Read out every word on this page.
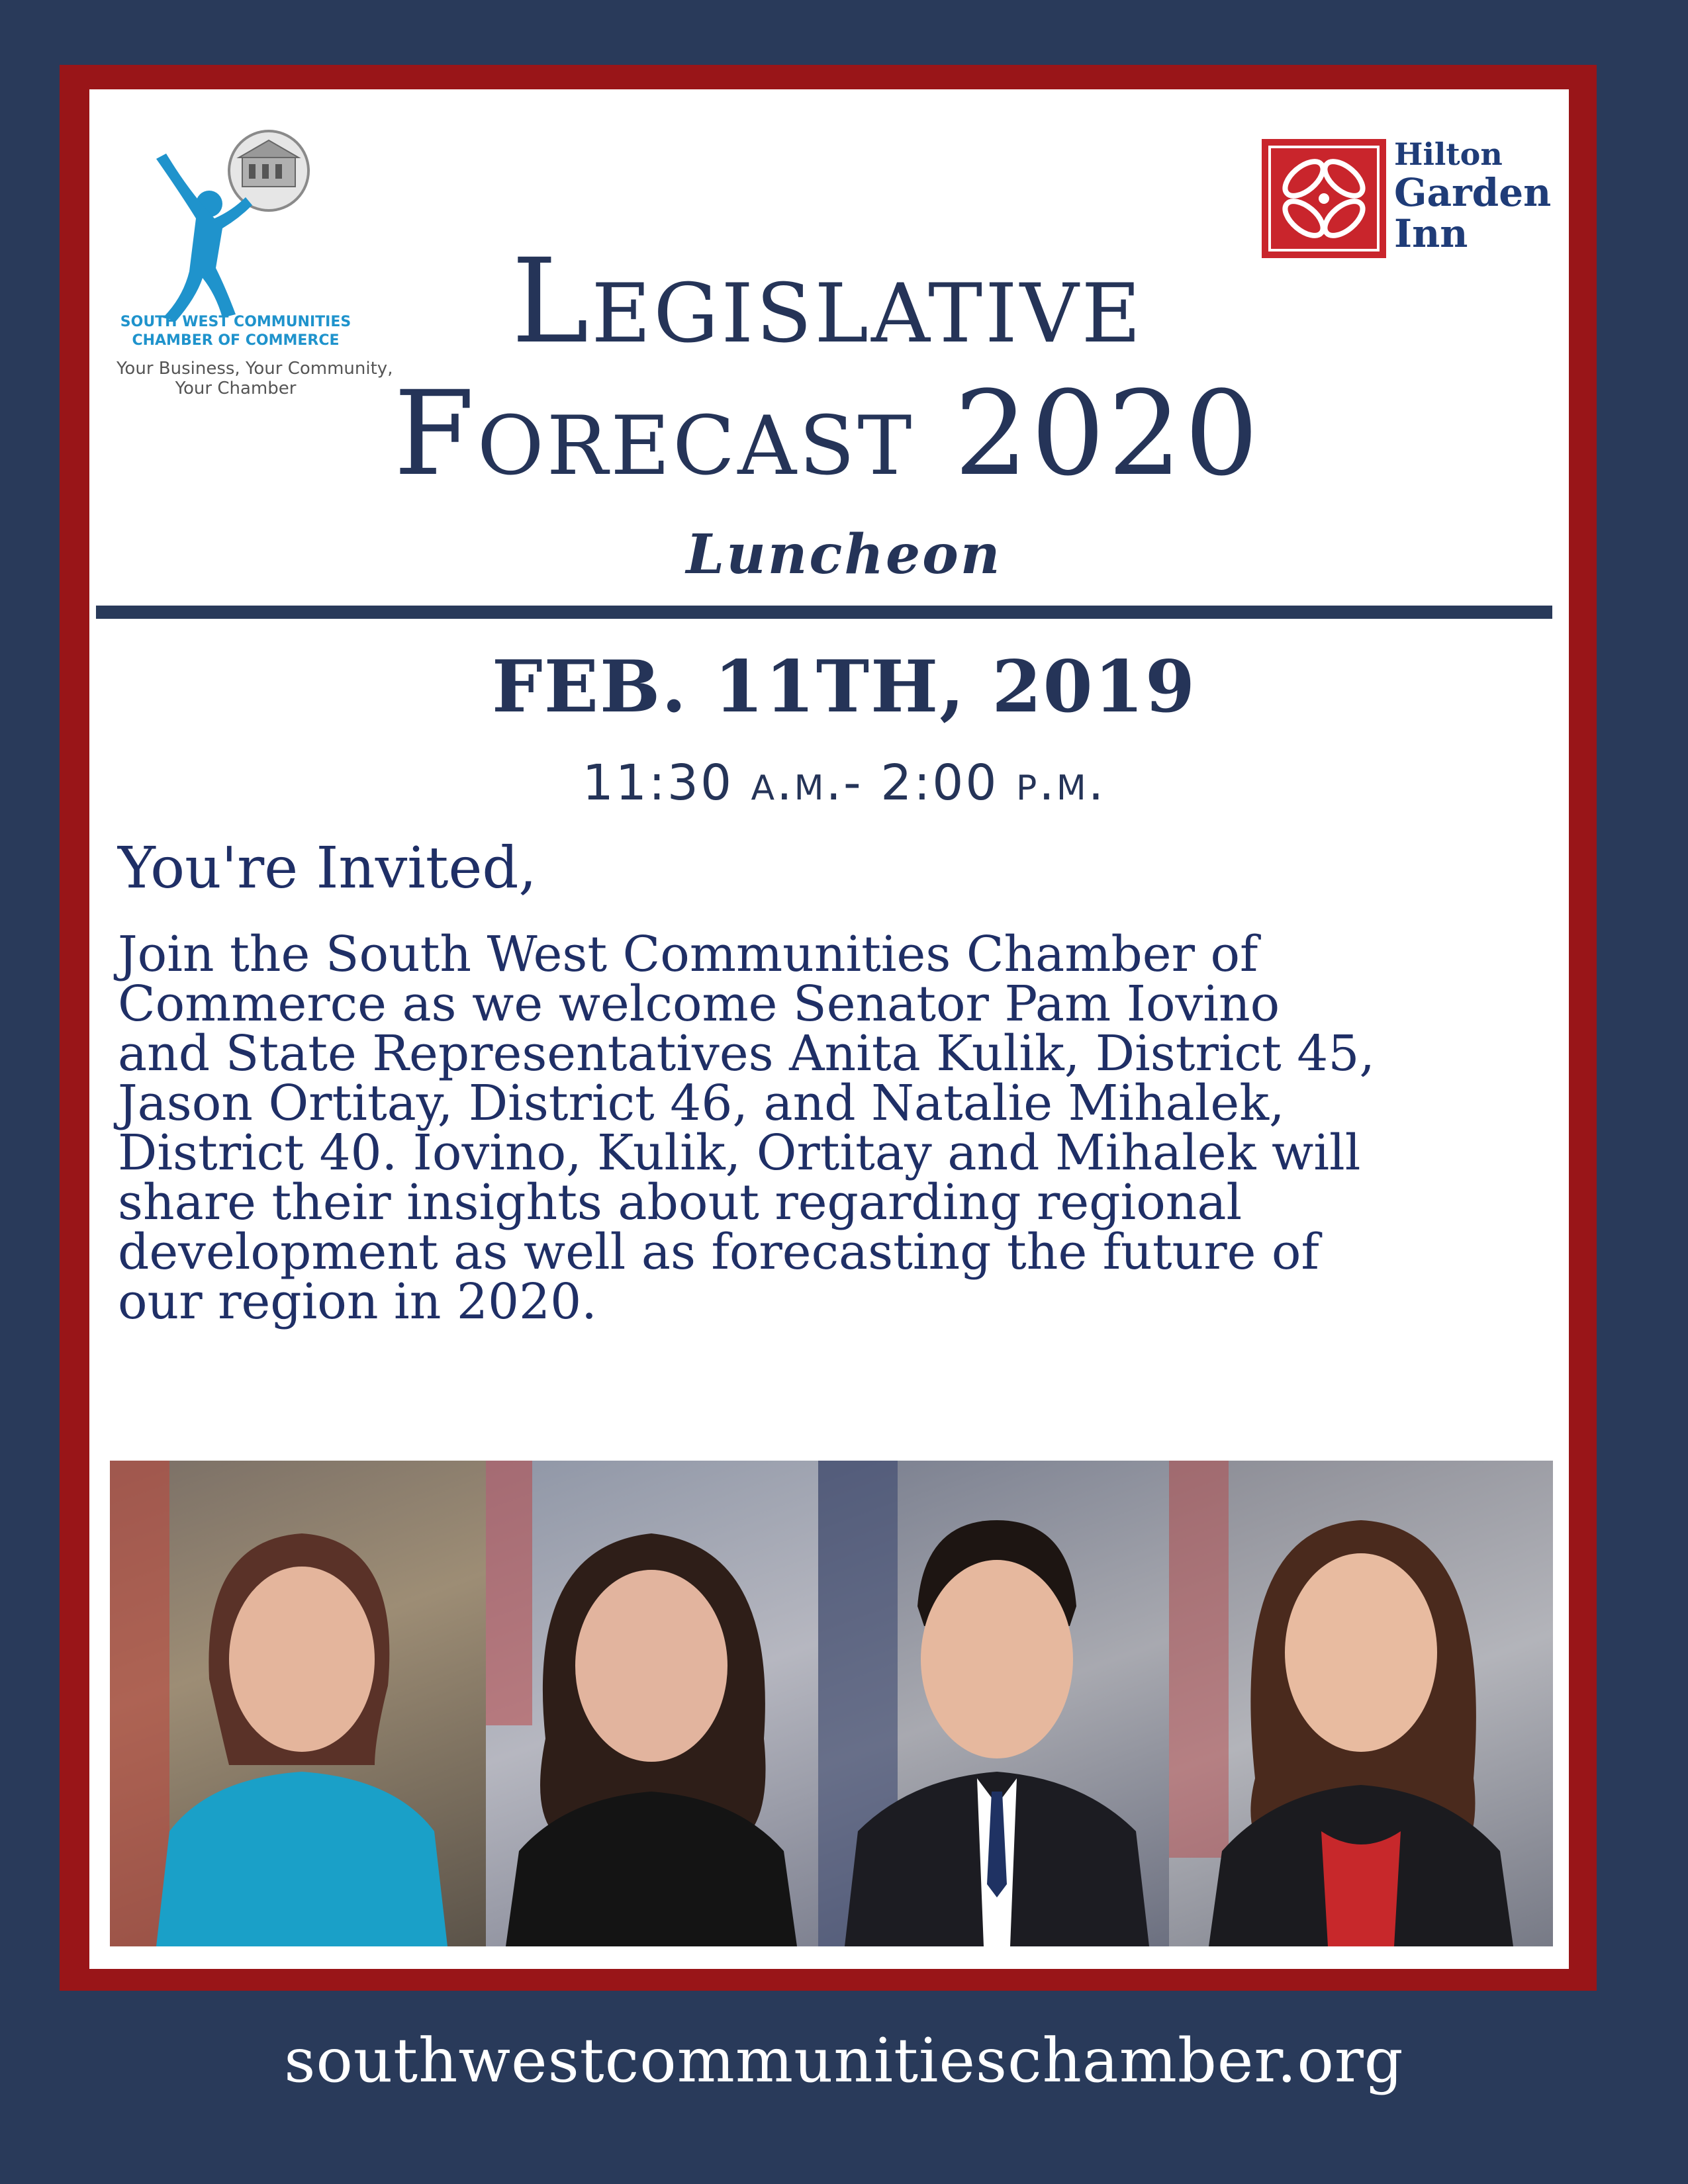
SOUTH WEST COMMUNITIES
CHAMBER OF COMMERCE
Your Business, Your Community,
Your Chamber
Hilton
Garden
Inn
Legislative
Forecast 2020
Luncheon
FEB. 11TH, 2019
11:30 a.m.- 2:00 p.m.
You're Invited,
Join the South West Communities Chamber of
Commerce as we welcome Senator Pam Iovino
and State Representatives Anita Kulik, District 45,
Jason Ortitay, District 46, and Natalie Mihalek,
District 40. Iovino, Kulik, Ortitay and Mihalek will
share their insights about regarding regional
development as well as forecasting the future of
our region in 2020.
southwestcommunitieschamber.org
